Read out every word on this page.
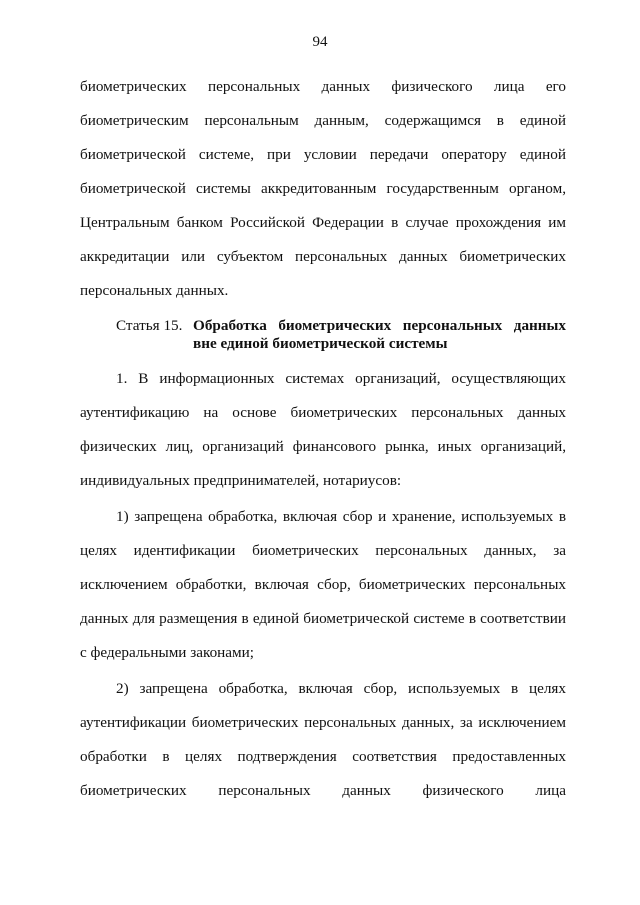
94
биометрических персональных данных физического лица его
биометрическим персональным данным, содержащимся в единой
биометрической системе, при условии передачи оператору единой
биометрической системы аккредитованным государственным органом,
Центральным банком Российской Федерации в случае прохождения им
аккредитации или субъектом персональных данных биометрических
персональных данных.
Статья 15. Обработка биометрических персональных данных
вне единой биометрической системы
1. В информационных системах организаций, осуществляющих
аутентификацию на основе биометрических персональных данных
физических лиц, организаций финансового рынка, иных организаций,
индивидуальных предпринимателей, нотариусов:
1) запрещена обработка, включая сбор и хранение, используемых в
целях идентификации биометрических персональных данных, за
исключением обработки, включая сбор, биометрических персональных
данных для размещения в единой биометрической системе в соответствии
с федеральными законами;
2) запрещена обработка, включая сбор, используемых в целях
аутентификации биометрических персональных данных, за исключением
обработки в целях подтверждения соответствия предоставленных
биометрических персональных данных физического лица
